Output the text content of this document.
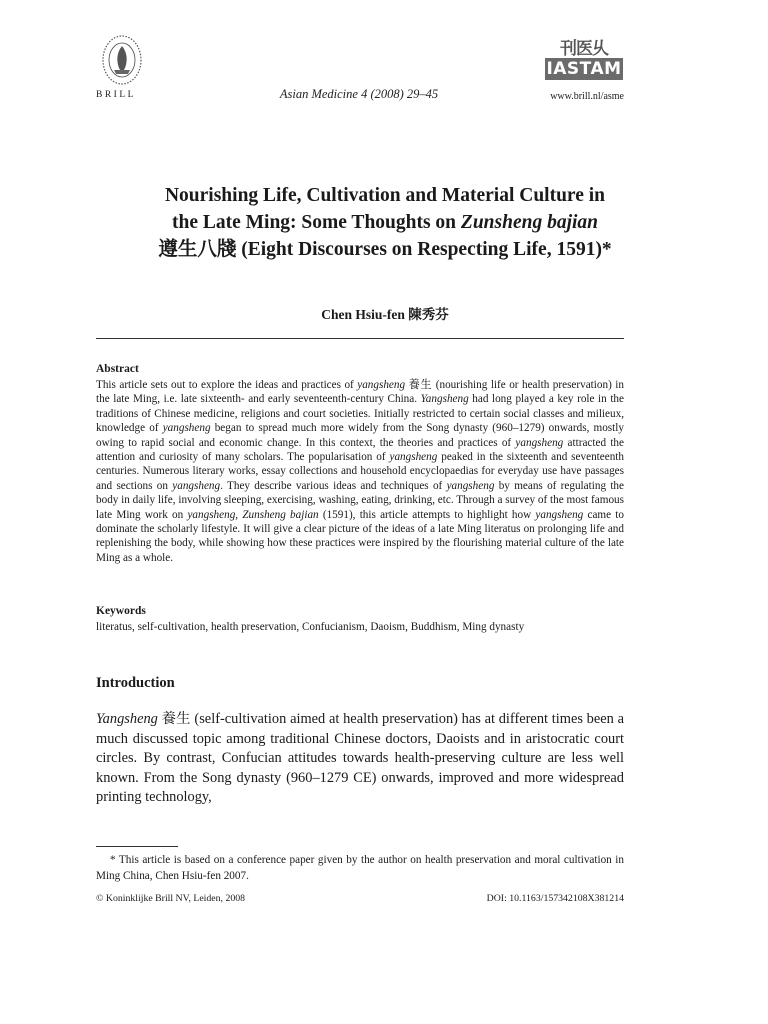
BRILL	Asian Medicine 4 (2008) 29–45	www.brill.nl/asme
刊医乆
IASTAM
Nourishing Life, Cultivation and Material Culture in
the Late Ming: Some Thoughts on Zunsheng bajian
遵生八牋 (Eight Discourses on Respecting Life, 1591)*
Chen Hsiu-fen 陳秀芬
Abstract

This article sets out to explore the ideas and practices of yangsheng 養生 (nourishing life or health preservation) in the late Ming, i.e. late sixteenth- and early seventeenth-century China. Yangsheng had long played a key role in the traditions of Chinese medicine, religions and court societies. Initially restricted to certain social classes and milieux, knowledge of yangsheng began to spread much more widely from the Song dynasty (960–1279) onwards, mostly owing to rapid social and economic change. In this context, the theories and practices of yangsheng attracted the attention and curiosity of many scholars. The popularisation of yangsheng peaked in the sixteenth and seventeenth centuries. Numerous literary works, essay collections and household encyclopaedias for everyday use have passages and sections on yangsheng. They describe various ideas and techniques of yangsheng by means of regulating the body in daily life, involving sleeping, exercising, washing, eating, drinking, etc. Through a survey of the most famous late Ming work on yangsheng, Zunsheng bajian (1591), this article attempts to highlight how yangsheng came to dominate the scholarly lifestyle. It will give a clear picture of the ideas of a late Ming literatus on prolonging life and replenishing the body, while showing how these practices were inspired by the flourishing material culture of the late Ming as a whole.

Keywords
literatus, self-cultivation, health preservation, Confucianism, Daoism, Buddhism, Ming dynasty
Introduction

Yangsheng 養生 (self-cultivation aimed at health preservation) has at different times been a much discussed topic among traditional Chinese doctors, Daoists and in aristocratic court circles. By contrast, Confucian attitudes towards health-preserving culture are less well known. From the Song dynasty (960–1279 CE) onwards, improved and more widespread printing technology,

* This article is based on a conference paper given by the author on health preservation and moral cultivation in Ming China, Chen Hsiu-fen 2007.

© Koninklijke Brill NV, Leiden, 2008	DOI: 10.1163/157342108X381214
